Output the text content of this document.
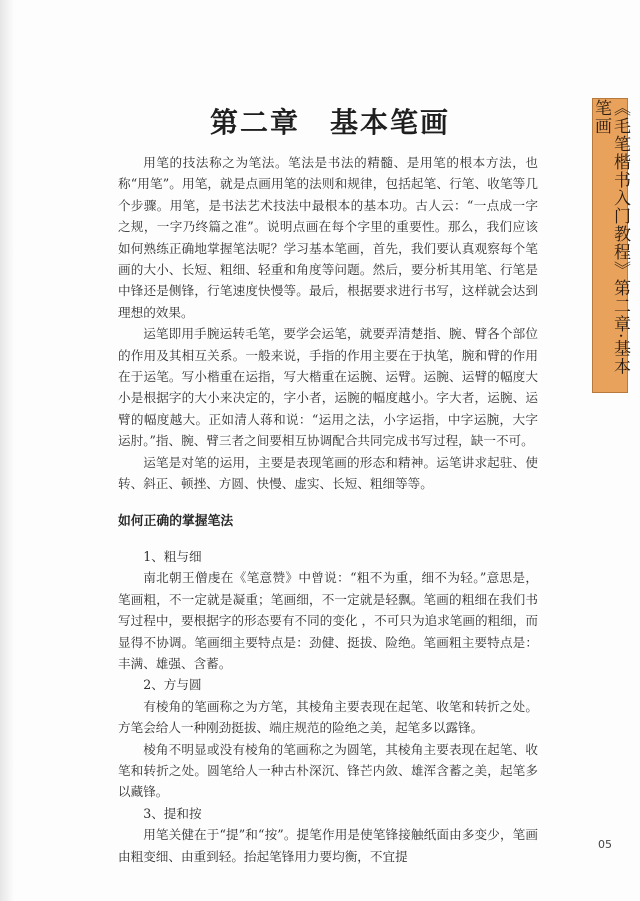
第二章　基本笔画	《毛笔楷书入门教程》第二章·基本笔画

用笔的技法称之为笔法。笔法是书法的精髓、是用笔的根本方法，也称“用笔”。用笔，就是点画用笔的法则和规律，包括起笔、行笔、收笔等几个步骤。用笔，是书法艺术技法中最根本的基本功。古人云：“一点成一字之规，一字乃终篇之准”。说明点画在每个字里的重要性。那么，我们应该如何熟练正确地掌握笔法呢？学习基本笔画，首先，我们要认真观察每个笔画的大小、长短、粗细、轻重和角度等问题。然后，要分析其用笔、行笔是中锋还是侧锋，行笔速度快慢等。最后，根据要求进行书写，这样就会达到理想的效果。

运笔即用手腕运转毛笔，要学会运笔，就要弄清楚指、腕、臂各个部位的作用及其相互关系。一般来说，手指的作用主要在于执笔，腕和臂的作用在于运笔。写小楷重在运指，写大楷重在运腕、运臂。运腕、运臂的幅度大小是根据字的大小来决定的，字小者，运腕的幅度越小。字大者，运腕、运臂的幅度越大。正如清人蒋和说：“运用之法，小字运指，中字运腕，大字运肘。”指、腕、臂三者之间要相互协调配合共同完成书写过程，缺一不可。

运笔是对笔的运用，主要是表现笔画的形态和精神。运笔讲求起驻、使转、斜正、顿挫、方圆、快慢、虚实、长短、粗细等等。

如何正确的掌握笔法

1、粗与细

南北朝王僧虔在《笔意赞》中曾说：“粗不为重，细不为轻。”意思是，笔画粗，不一定就是凝重；笔画细，不一定就是轻飘。笔画的粗细在我们书写过程中，要根据字的形态要有不同的变化 ，不可只为追求笔画的粗细，而显得不协调。笔画细主要特点是：劲健、挺拔、险绝。笔画粗主要特点是：丰满、雄强、含蓄。

2、方与圆

有棱角的笔画称之为方笔，其棱角主要表现在起笔、收笔和转折之处。方笔会给人一种刚劲挺拔、端庄规范的险绝之美，起笔多以露锋。

棱角不明显或没有棱角的笔画称之为圆笔，其棱角主要表现在起笔、收笔和转折之处。圆笔给人一种古朴深沉、锋芒内敛、雄浑含蓄之美，起笔多以藏锋。

3、提和按

用笔关健在于“提”和“按”。提笔作用是使笔锋接触纸面由多变少，笔画由粗变细、由重到轻。抬起笔锋用力要均衡，不宜提

05
